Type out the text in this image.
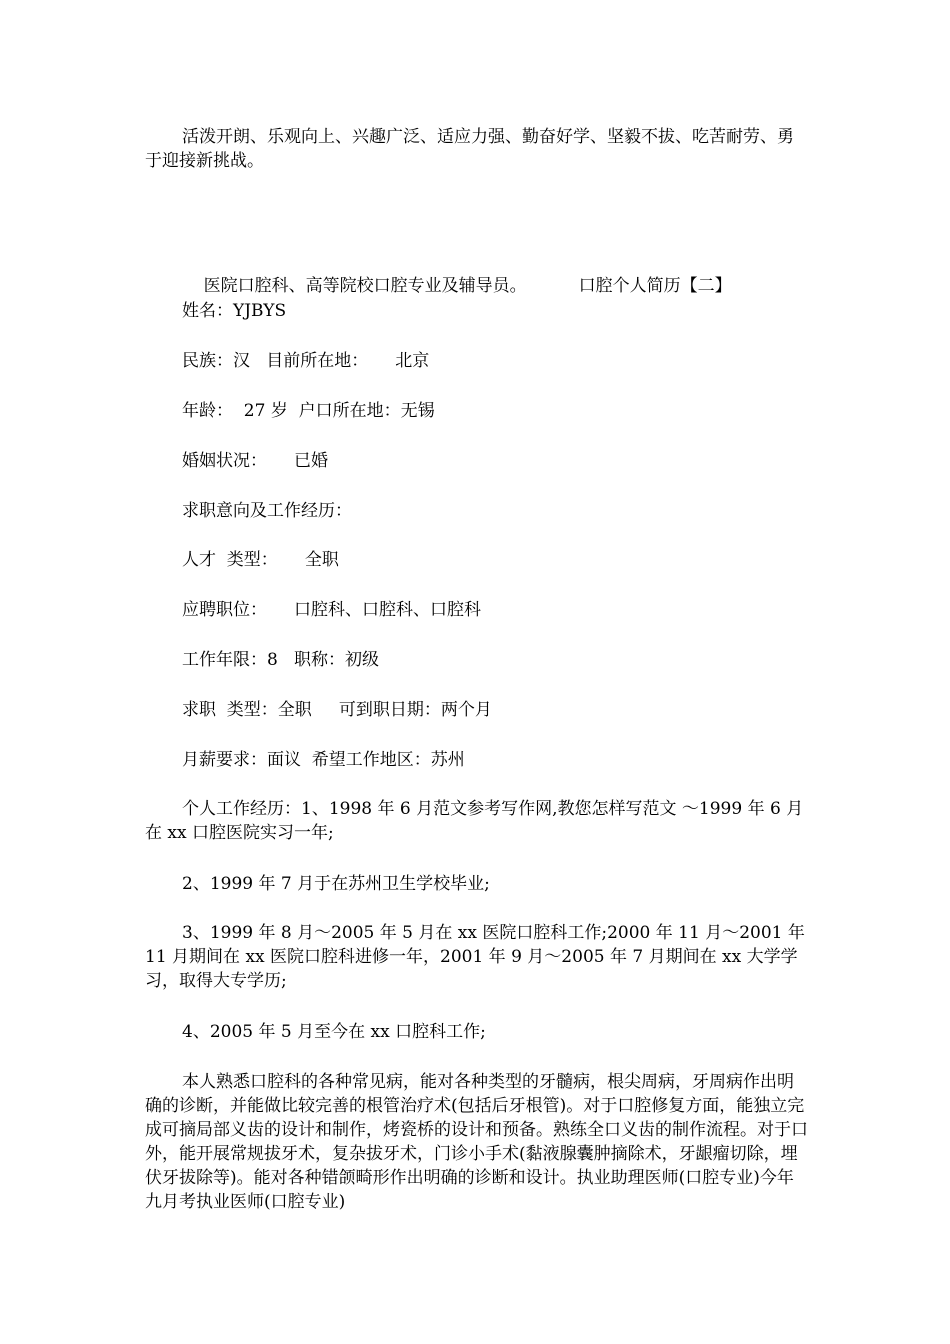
活泼开朗、乐观向上、兴趣广泛、适应力强、勤奋好学、坚毅不拔、吃苦耐劳、勇于迎接新挑战。

医院口腔科、高等院校口腔专业及辅导员。	口腔个人简历【二】

姓名：YJBYS
民族：汉   目前所在地：     北京
年龄：  27 岁  户口所在地：无锡
婚姻状况：     已婚
求职意向及工作经历：
人才  类型：     全职
应聘职位：     口腔科、口腔科、口腔科
工作年限：8   职称：初级
求职  类型：全职     可到职日期：两个月
月薪要求：面议  希望工作地区：苏州
个人工作经历：1、1998 年 6 月范文参考写作网,教您怎样写范文 ～1999 年 6 月在 xx 口腔医院实习一年;
2、1999 年 7 月于在苏州卫生学校毕业;
3、1999 年 8 月～2005 年 5 月在 xx 医院口腔科工作;2000 年 11 月～2001 年 11 月期间在 xx 医院口腔科进修一年，2001 年 9 月～2005 年 7 月期间在 xx 大学学习，取得大专学历;
4、2005 年 5 月至今在 xx 口腔科工作;
本人熟悉口腔科的各种常见病，能对各种类型的牙髓病，根尖周病，牙周病作出明确的诊断，并能做比较完善的根管治疗术(包括后牙根管)。对于口腔修复方面，能独立完成可摘局部义齿的设计和制作，烤瓷桥的设计和预备。熟练全口义齿的制作流程。对于口外，能开展常规拔牙术，复杂拔牙术，门诊小手术(黏液腺囊肿摘除术，牙龈瘤切除，埋伏牙拔除等)。能对各种错颌畸形作出明确的诊断和设计。执业助理医师(口腔专业)今年九月考执业医师(口腔专业)
